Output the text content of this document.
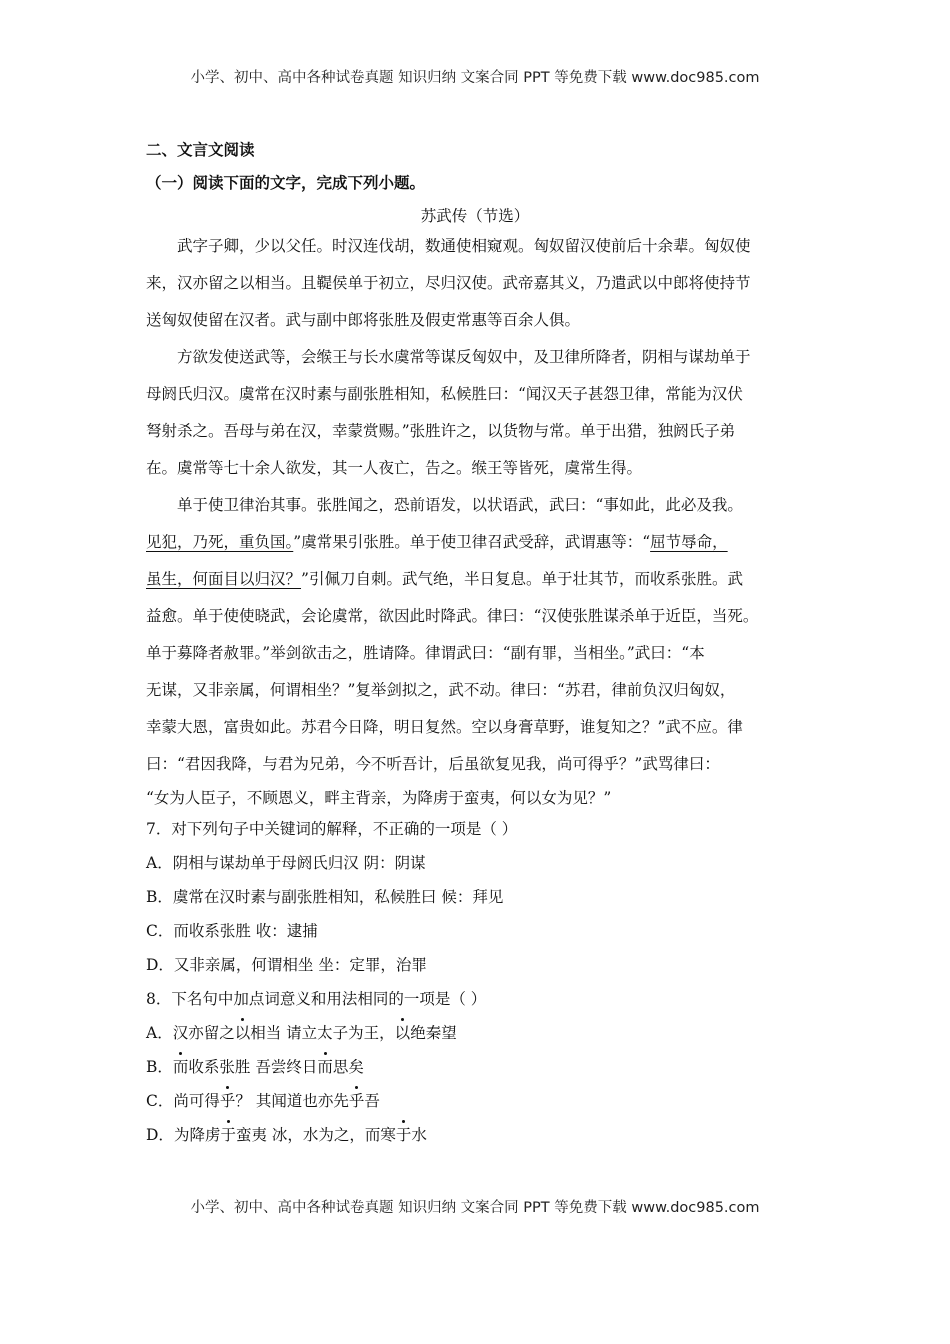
小学、初中、高中各种试卷真题 知识归纳 文案合同 PPT 等免费下载 www.doc985.com
二、文言文阅读
（一）阅读下面的文字，完成下列小题。
苏武传（节选）
武字子卿，少以父任。时汉连伐胡，数通使相窥观。匈奴留汉使前后十余辈。匈奴使
来，汉亦留之以相当。且鞮侯单于初立，尽归汉使。武帝嘉其义，乃遣武以中郎将使持节
送匈奴使留在汉者。武与副中郎将张胜及假吏常惠等百余人俱。
方欲发使送武等，会缑王与长水虞常等谋反匈奴中，及卫律所降者，阴相与谋劫单于
母阏氏归汉。虞常在汉时素与副张胜相知，私候胜曰：“闻汉天子甚怨卫律，常能为汉伏
弩射杀之。吾母与弟在汉，幸蒙赏赐。”张胜许之，以货物与常。单于出猎，独阏氏子弟
在。虞常等七十余人欲发，其一人夜亡，告之。缑王等皆死，虞常生得。
单于使卫律治其事。张胜闻之，恐前语发，以状语武，武曰：“事如此，此必及我。
见犯，乃死，重负国。”虞常果引张胜。单于使卫律召武受辞，武谓惠等：“屈节辱命，
虽生，何面目以归汉？”引佩刀自刺。武气绝，半日复息。单于壮其节，而收系张胜。武
益愈。单于使使晓武，会论虞常，欲因此时降武。律曰：“汉使张胜谋杀单于近臣，当死。
单于募降者赦罪。”举剑欲击之，胜请降。律谓武曰：“副有罪，当相坐。”武曰：“本
无谋，又非亲属，何谓相坐？”复举剑拟之，武不动。律曰：“苏君，律前负汉归匈奴，
幸蒙大恩，富贵如此。苏君今日降，明日复然。空以身膏草野，谁复知之？”武不应。律
曰：“君因我降，与君为兄弟，今不听吾计，后虽欲复见我，尚可得乎？”武骂律曰：
“女为人臣子，不顾恩义，畔主背亲，为降虏于蛮夷，何以女为见？”
7．对下列句子中关键词的解释，不正确的一项是（ ）
A．阴相与谋劫单于母阏氏归汉 阴：阴谋
B．虞常在汉时素与副张胜相知，私候胜曰 候：拜见
C．而收系张胜 收：逮捕
D．又非亲属，何谓相坐 坐：定罪，治罪
8．下名句中加点词意义和用法相同的一项是（ ）
A．汉亦留之以相当 请立太子为王，以绝秦望
B．而收系张胜 吾尝终日而思矣
C．尚可得乎？ 其闻道也亦先乎吾
D．为降虏于蛮夷 冰，水为之，而寒于水
小学、初中、高中各种试卷真题 知识归纳 文案合同 PPT 等免费下载 www.doc985.com
